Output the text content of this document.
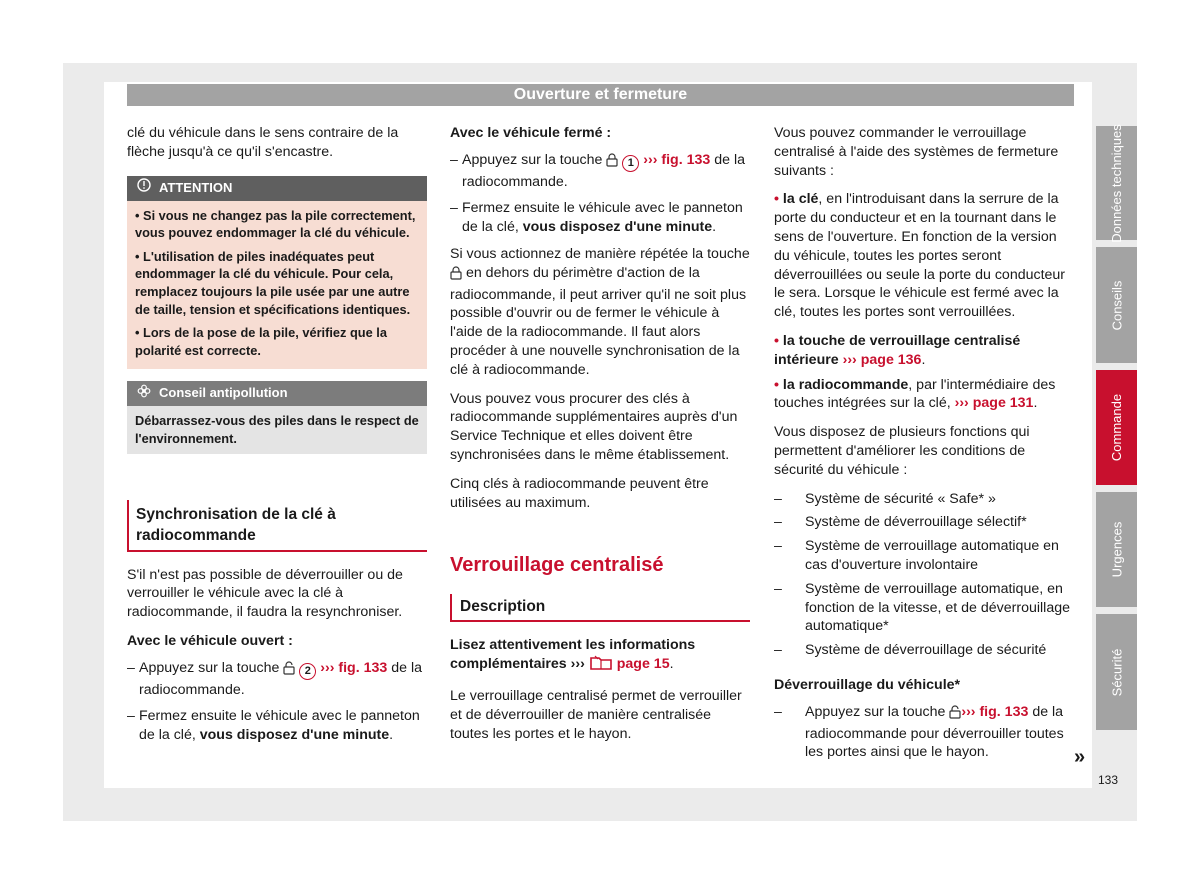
Ouverture et fermeture

clé du véhicule dans le sens contraire de la flèche jusqu'à ce qu'il s'encastre.

ATTENTION

• Si vous ne changez pas la pile correctement, vous pouvez endommager la clé du véhicule.

• L'utilisation de piles inadéquates peut endommager la clé du véhicule. Pour cela, remplacez toujours la pile usée par une autre de taille, tension et spécifications identiques.

• Lors de la pose de la pile, vérifiez que la polarité est correcte.

Conseil antipollution
Débarrassez-vous des piles dans le respect de l'environnement.
Synchronisation de la clé à radiocommande

S'il n'est pas possible de déverrouiller ou de verrouiller le véhicule avec la clé à radiocommande, il faudra la resynchroniser.

Avec le véhicule ouvert :
– Appuyez sur la touche 2 ››› fig. 133 de la radiocommande.
– Fermez ensuite le véhicule avec le panneton de la clé, vous disposez d'une minute.
Avec le véhicule fermé :
– Appuyez sur la touche 1 ››› fig. 133 de la radiocommande.
– Fermez ensuite le véhicule avec le panneton de la clé, vous disposez d'une minute.

Si vous actionnez de manière répétée la touche  en dehors du périmètre d'action de la radiocommande, il peut arriver qu'il ne soit plus possible d'ouvrir ou de fermer le véhicule à l'aide de la radiocommande. Il faut alors procéder à une nouvelle synchronisation de la clé à radiocommande.

Vous pouvez vous procurer des clés à radiocommande supplémentaires auprès d'un Service Technique et elles doivent être synchronisées dans le même établissement.

Cinq clés à radiocommande peuvent être utilisées au maximum.

Verrouillage centralisé
Description

Lisez attentivement les informations complémentaires ››› page 15.

Le verrouillage centralisé permet de verrouiller et de déverrouiller de manière centralisée toutes les portes et le hayon.

Vous pouvez commander le verrouillage centralisé à l'aide des systèmes de fermeture suivants :

• la clé, en l'introduisant dans la serrure de la porte du conducteur et en la tournant dans le sens de l'ouverture. En fonction de la version du véhicule, toutes les portes seront déverrouillées ou seule la porte du conducteur le sera. Lorsque le véhicule est fermé avec la clé, toutes les portes sont verrouillées.

• la touche de verrouillage centralisé intérieure ››› page 136.

• la radiocommande, par l'intermédiaire des touches intégrées sur la clé, ››› page 131.

Vous disposez de plusieurs fonctions qui permettent d'améliorer les conditions de sécurité du véhicule :

–	Système de sécurité « Safe* »
–	Système de déverrouillage sélectif*
–	Système de verrouillage automatique en cas d'ouverture involontaire
–	Système de verrouillage automatique, en fonction de la vitesse, et de déverrouillage automatique*
–	Système de déverrouillage de sécurité
Déverrouillage du véhicule*
–	Appuyez sur la touche ››› fig. 133 de la radiocommande pour déverrouiller toutes les portes ainsi que le hayon.	»
Données techniques
Conseils
Commande
Urgences
Sécurité
133
